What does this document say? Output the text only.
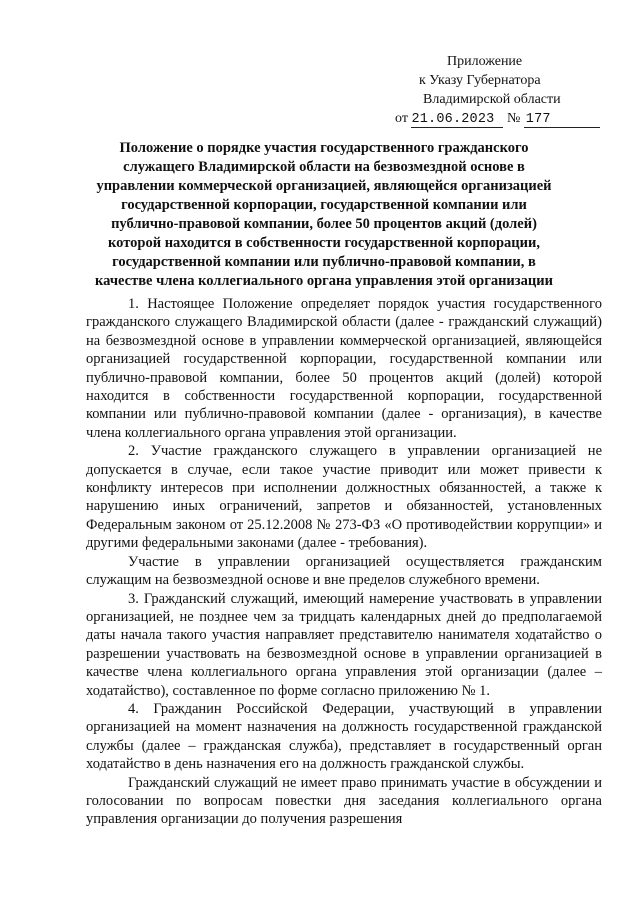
Приложение
к Указу Губернатора
Владимирской области
от 21.06.2023 № 177
Положение о порядке участия государственного гражданского служащего Владимирской области на безвозмездной основе в управлении коммерческой организацией, являющейся организацией государственной корпорации, государственной компании или публично-правовой компании, более 50 процентов акций (долей) которой находится в собственности государственной корпорации, государственной компании или публично-правовой компании, в качестве члена коллегиального органа управления этой организации

1. Настоящее Положение определяет порядок участия государственного гражданского служащего Владимирской области (далее - гражданский служащий) на безвозмездной основе в управлении коммерческой организацией, являющейся организацией государственной корпорации, государственной компании или публично-правовой компании, более 50 процентов акций (долей) которой находится в собственности государственной корпорации, государственной компании или публично-правовой компании (далее - организация), в качестве члена коллегиального органа управления этой организации.

2. Участие гражданского служащего в управлении организацией не допускается в случае, если такое участие приводит или может привести к конфликту интересов при исполнении должностных обязанностей, а также к нарушению иных ограничений, запретов и обязанностей, установленных Федеральным законом от 25.12.2008 № 273-ФЗ «О противодействии коррупции» и другими федеральными законами (далее - требования).

Участие в управлении организацией осуществляется гражданским служащим на безвозмездной основе и вне пределов служебного времени.

3. Гражданский служащий, имеющий намерение участвовать в управлении организацией, не позднее чем за тридцать календарных дней до предполагаемой даты начала такого участия направляет представителю нанимателя ходатайство о разрешении участвовать на безвозмездной основе в управлении организацией в качестве члена коллегиального органа управления этой организации (далее – ходатайство), составленное по форме согласно приложению № 1.

4. Гражданин Российской Федерации, участвующий в управлении организацией на момент назначения на должность государственной гражданской службы (далее – гражданская служба), представляет в государственный орган ходатайство в день назначения его на должность гражданской службы.

Гражданский служащий не имеет право принимать участие в обсуждении и голосовании по вопросам повестки дня заседания коллегиального органа управления организации до получения разрешения
